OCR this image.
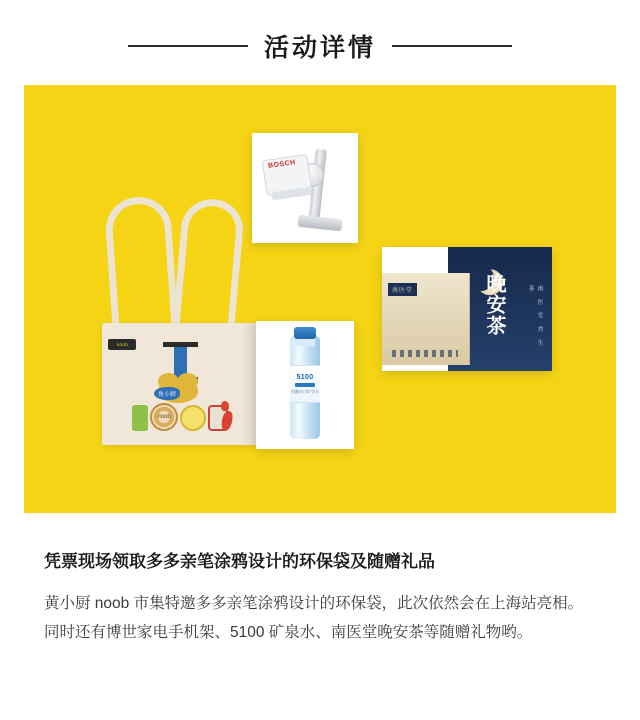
活动详情
noob
noob
鱼小厨
BOSCH
5100
西藏冰川矿泉水
南医堂	晚安茶	南 医 堂 养 生 茶

凭票现场领取多多亲笔涂鸦设计的环保袋及随赠礼品

黄小厨 noob 市集特邀多多亲笔涂鸦设计的环保袋，此次依然会在上海站亮相。同时还有博世家电手机架、5100 矿泉水、南医堂晚安茶等随赠礼物哟。
